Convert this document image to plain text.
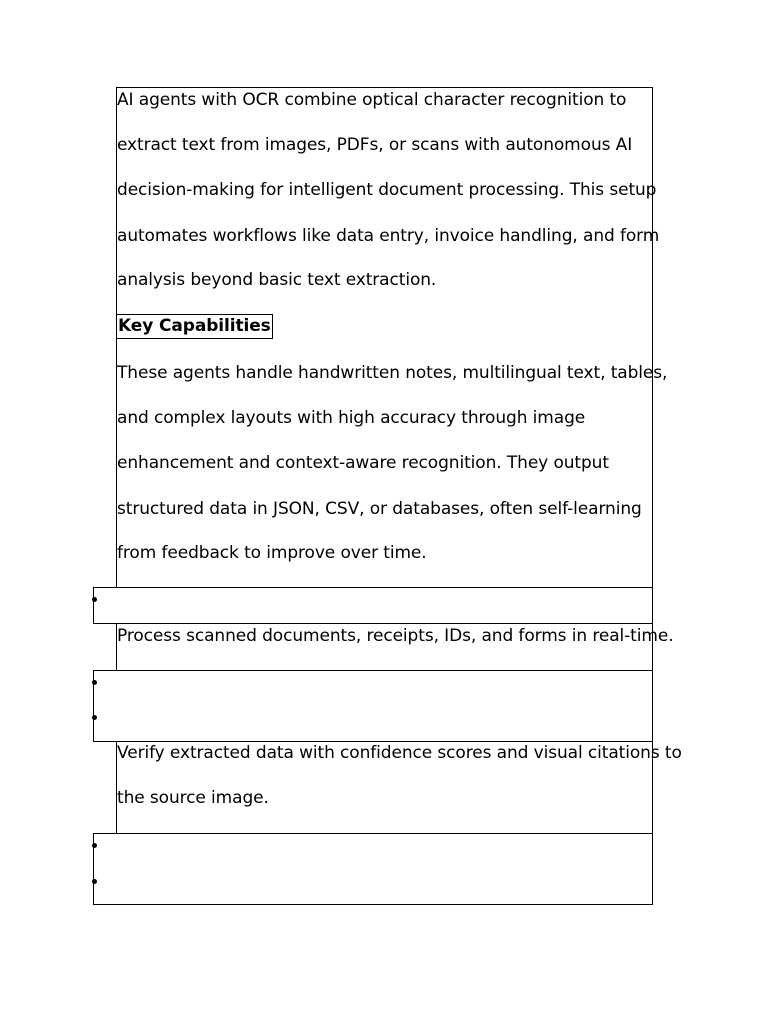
AI agents with OCR combine optical character recognition to
extract text from images, PDFs, or scans with autonomous AI
decision-making for intelligent document processing. This setup
automates workflows like data entry, invoice handling, and form
analysis beyond basic text extraction.
Key Capabilities
These agents handle handwritten notes, multilingual text, tables,
and complex layouts with high accuracy through image
enhancement and context-aware recognition. They output
structured data in JSON, CSV, or databases, often self-learning
from feedback to improve over time.
Process scanned documents, receipts, IDs, and forms in real-time.
Verify extracted data with confidence scores and visual citations to
the source image.
